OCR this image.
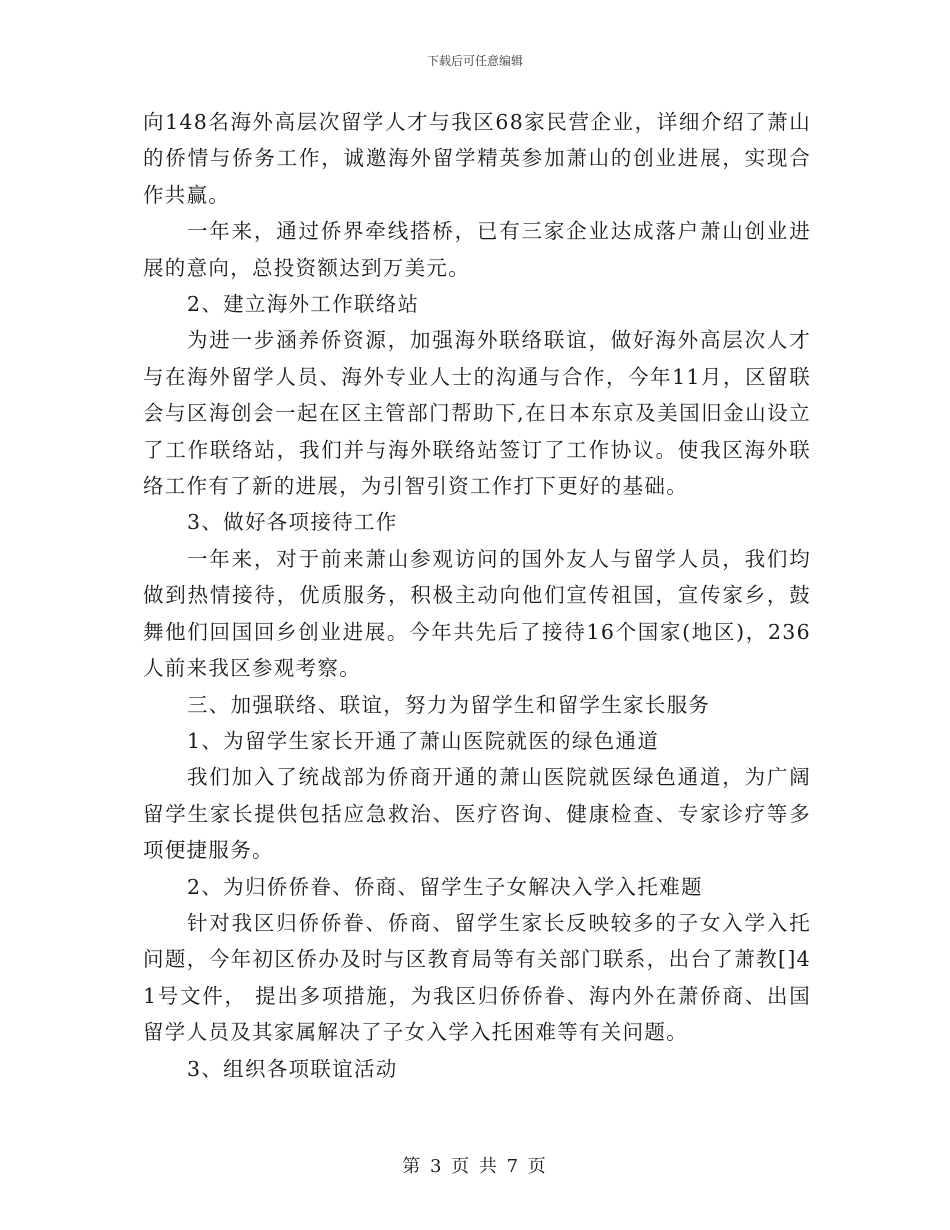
下载后可任意编辑

向148名海外高层次留学人才与我区68家民营企业，详细介绍了萧山的侨情与侨务工作，诚邀海外留学精英参加萧山的创业进展，实现合作共赢。

一年来，通过侨界牵线搭桥，已有三家企业达成落户萧山创业进展的意向，总投资额达到万美元。

2、建立海外工作联络站

为进一步涵养侨资源，加强海外联络联谊，做好海外高层次人才与在海外留学人员、海外专业人士的沟通与合作，今年11月，区留联会与区海创会一起在区主管部门帮助下,在日本东京及美国旧金山设立了工作联络站，我们并与海外联络站签订了工作协议。使我区海外联络工作有了新的进展，为引智引资工作打下更好的基础。

3、做好各项接待工作

一年来，对于前来萧山参观访问的国外友人与留学人员，我们均做到热情接待，优质服务，积极主动向他们宣传祖国，宣传家乡，鼓舞他们回国回乡创业进展。今年共先后了接待16个国家(地区)，236人前来我区参观考察。

三、加强联络、联谊，努力为留学生和留学生家长服务

1、为留学生家长开通了萧山医院就医的绿色通道

我们加入了统战部为侨商开通的萧山医院就医绿色通道，为广阔留学生家长提供包括应急救治、医疗咨询、健康检查、专家诊疗等多项便捷服务。

2、为归侨侨眷、侨商、留学生子女解决入学入托难题

针对我区归侨侨眷、侨商、留学生家长反映较多的子女入学入托问题，今年初区侨办及时与区教育局等有关部门联系，出台了萧教[]41号文件， 提出多项措施，为我区归侨侨眷、海内外在萧侨商、出国留学人员及其家属解决了子女入学入托困难等有关问题。

3、组织各项联谊活动

第 3 页 共 7 页
